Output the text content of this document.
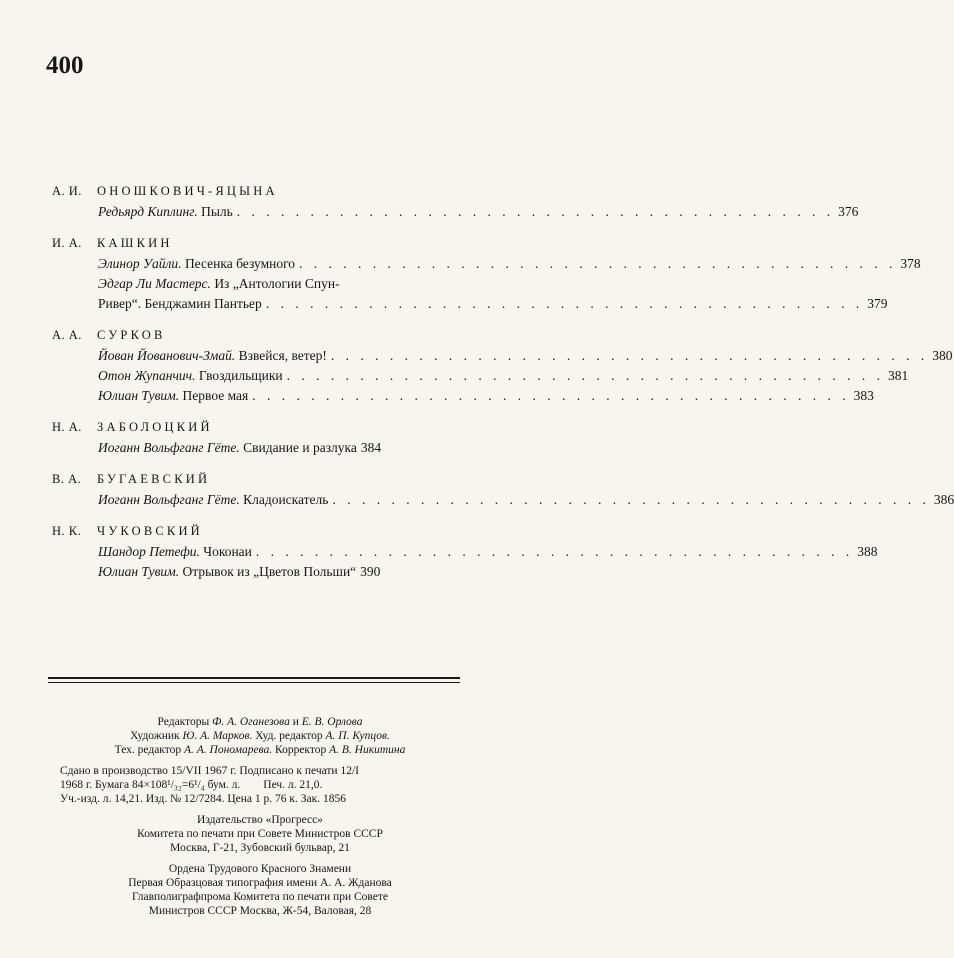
400
А. И. ОНОШКОВИЧ-ЯЦЫНА
Редьярд Киплинг. Пыль . . .	376
И. А. КАШКИН
Элинор Уайли. Песенка безумного . . .	378
Эдгар Ли Мастерс. Из „Антологии Спун-
Ривер“. Бенджамин Пантьер . . .	379
А. А. СУРКОВ
Йован Йованович-Змай. Взвейся, ветер! . . .	380
Отон Жупанчич. Гвоздильщики . . .	381
Юлиан Тувим. Первое мая . . .	383
Н. А. ЗАБОЛОЦКИЙ
Иоганн Вольфганг Гёте. Свидание и разлука 384
В. А. БУГАЕВСКИЙ
Иоганн Вольфганг Гёте. Кладоискатель . . .	386
Н. К. ЧУКОВСКИЙ
Шандор Петефи. Чоконаи . . .	388
Юлиан Тувим. Отрывок из „Цветов Польши“ 390
Редакторы Ф. А. Оганезова и Е. В. Орлова
Художник Ю. А. Марков. Худ. редактор А. П. Купцов.
Тех. редактор А. А. Пономарева. Корректор А. В. Никитина
Сдано в производство 15/VII 1967 г. Подписано к печати 12/I
1968 г. Бумага 84×108¹/₃₂=6¹/₄ бум. л.        Печ. л. 21,0.
Уч.-изд. л. 14,21. Изд. № 12/7284. Цена 1 р. 76 к. Зак. 1856
Издательство «Прогресс»
Комитета по печати при Совете Министров СССР
Москва, Г-21, Зубовский бульвар, 21
Ордена Трудового Красного Знамени
Первая Образцовая типография имени А. А. Жданова
Главполиграфпрома Комитета по печати при Совете
Министров СССР Москва, Ж-54, Валовая, 28
